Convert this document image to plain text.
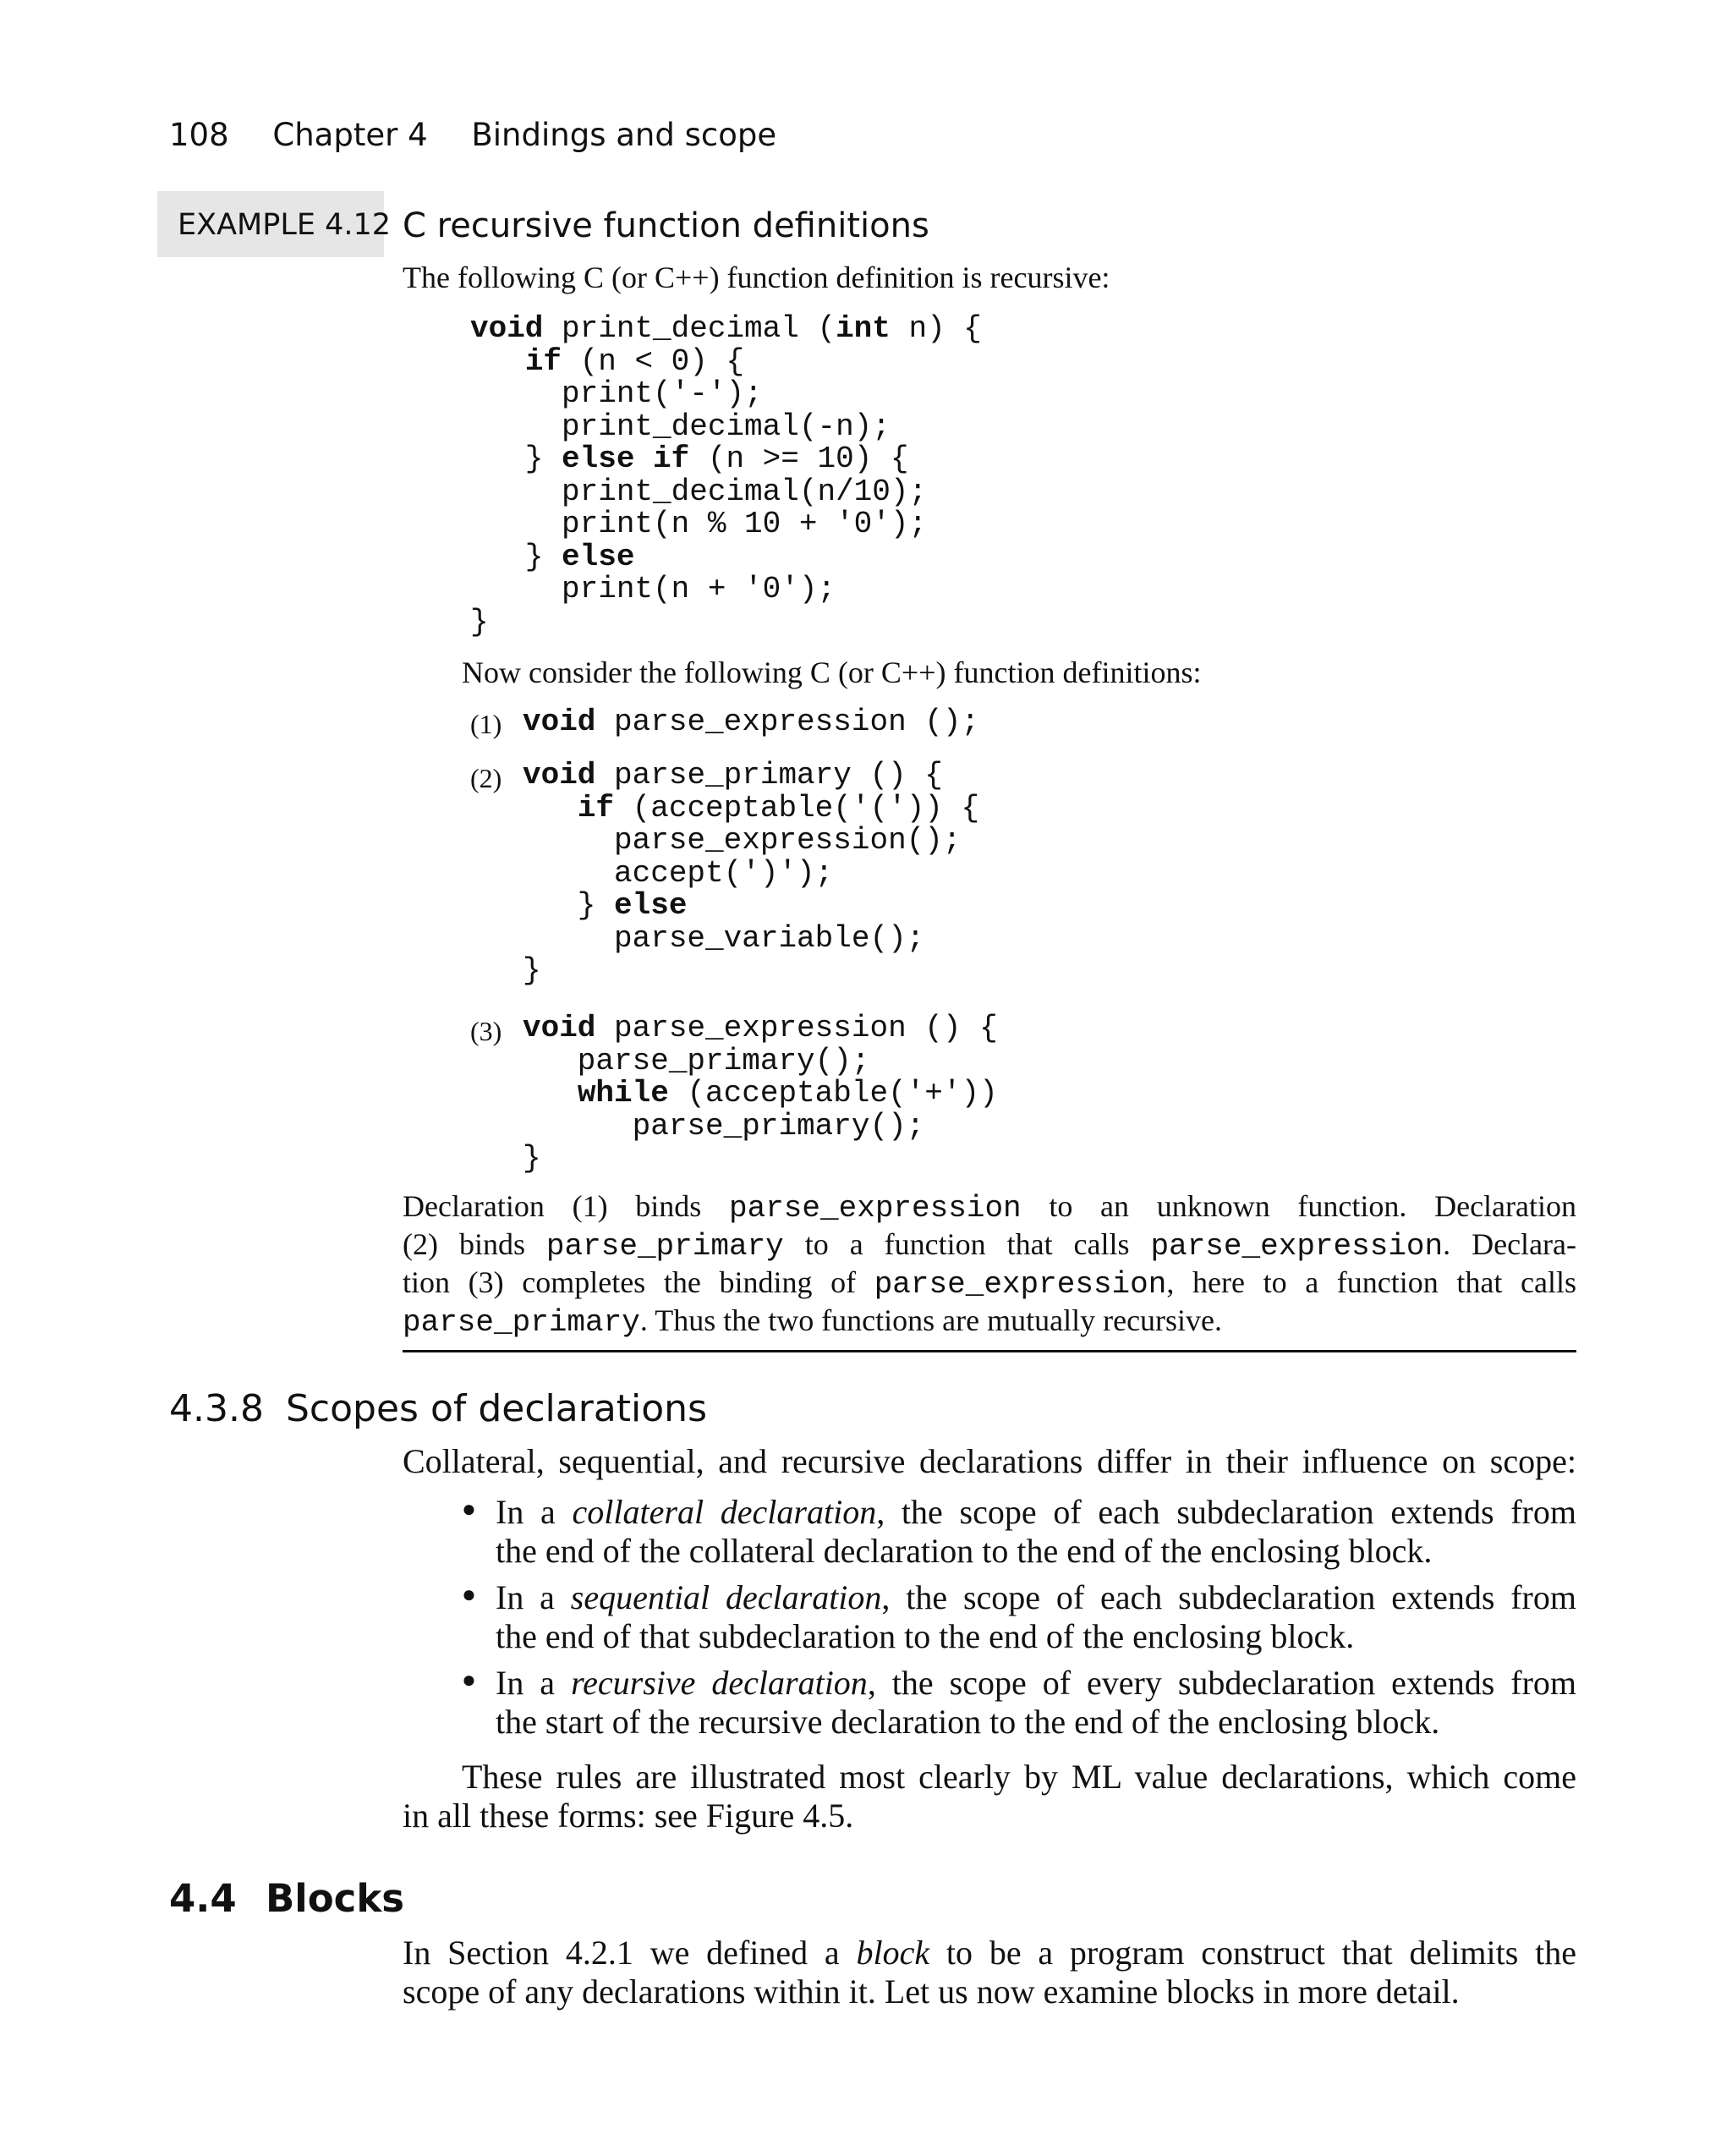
108 Chapter 4 Bindings and scope
EXAMPLE 4.12 C recursive function definitions
The following C (or C++) function definition is recursive:
void print_decimal (int n) {
if (n < 0) {
print('-');
print_decimal(-n);
} else if (n >= 10) {
print_decimal(n/10);
print(n % 10 + '0');
} else
print(n + '0');
}
Now consider the following C (or C++) function definitions:
(1) void parse_expression ();
(2) void parse_primary () {
if (acceptable('(')) {
parse_expression();
accept(')');
} else
parse_variable();
}
(3) void parse_expression () {
parse_primary();
while (acceptable('+'))
parse_primary();
}
Declaration (1) binds parse_expression to an unknown function. Declaration
(2) binds parse_primary to a function that calls parse_expression. Declara-
tion (3) completes the binding of parse_expression, here to a function that calls
parse_primary. Thus the two functions are mutually recursive.
4.3.8 Scopes of declarations
Collateral, sequential, and recursive declarations differ in their influence on scope:
● In a collateral declaration, the scope of each subdeclaration extends from
the end of the collateral declaration to the end of the enclosing block.
● In a sequential declaration, the scope of each subdeclaration extends from
the end of that subdeclaration to the end of the enclosing block.
● In a recursive declaration, the scope of every subdeclaration extends from
the start of the recursive declaration to the end of the enclosing block.
These rules are illustrated most clearly by ML value declarations, which come
in all these forms: see Figure 4.5.
4.4 Blocks
In Section 4.2.1 we defined a block to be a program construct that delimits the
scope of any declarations within it. Let us now examine blocks in more detail.
